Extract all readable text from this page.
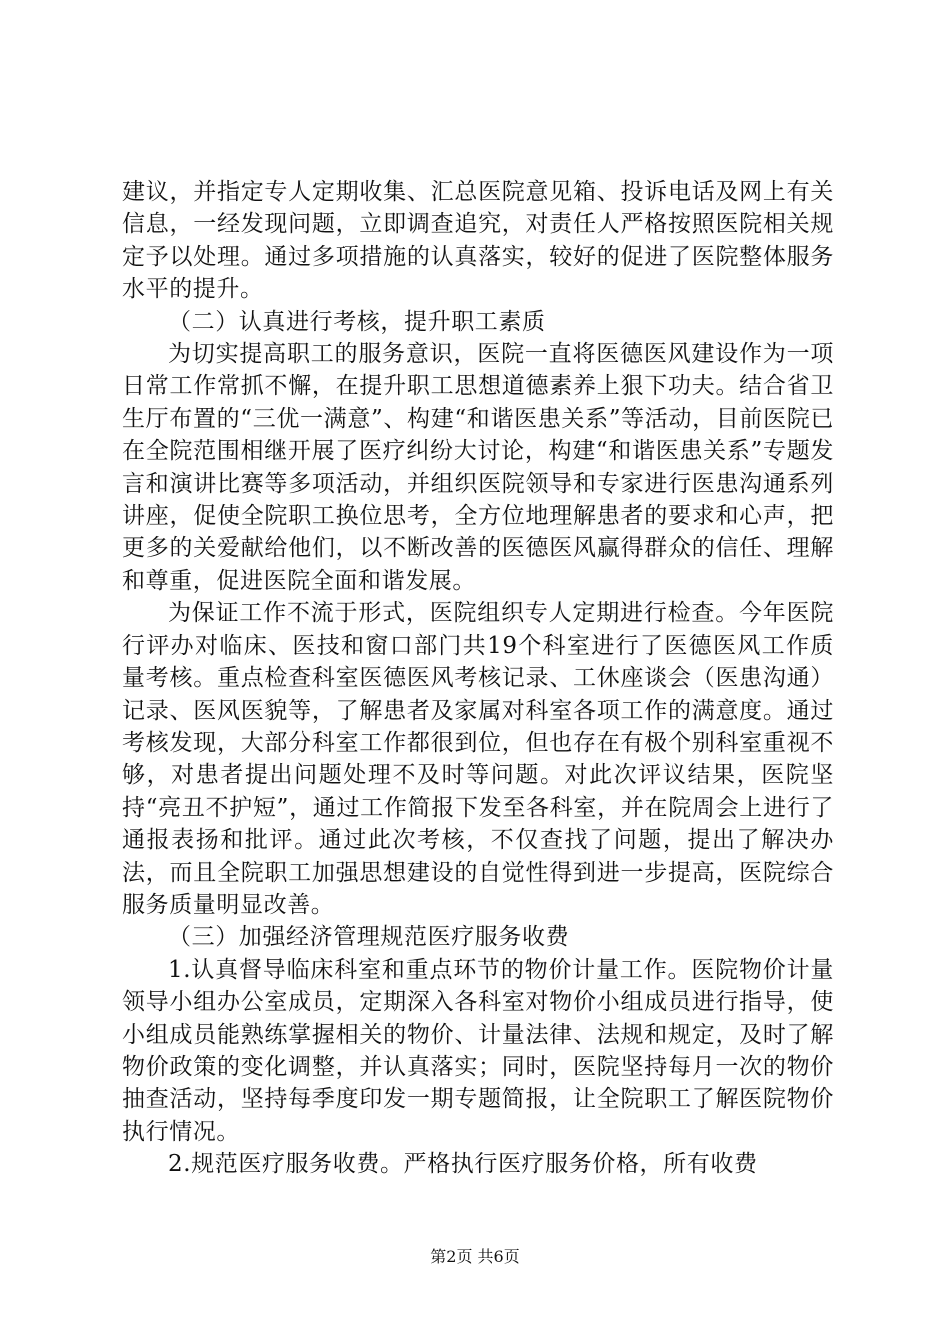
建议，并指定专人定期收集、汇总医院意见箱、投诉电话及网上有关信息，一经发现问题，立即调查追究，对责任人严格按照医院相关规定予以处理。通过多项措施的认真落实，较好的促进了医院整体服务水平的提升。

（二）认真进行考核，提升职工素质

为切实提高职工的服务意识，医院一直将医德医风建设作为一项日常工作常抓不懈，在提升职工思想道德素养上狠下功夫。结合省卫生厅布置的“三优一满意”、构建“和谐医患关系”等活动，目前医院已在全院范围相继开展了医疗纠纷大讨论，构建“和谐医患关系”专题发言和演讲比赛等多项活动，并组织医院领导和专家进行医患沟通系列讲座，促使全院职工换位思考，全方位地理解患者的要求和心声，把更多的关爱献给他们，以不断改善的医德医风赢得群众的信任、理解和尊重，促进医院全面和谐发展。

为保证工作不流于形式，医院组织专人定期进行检查。今年医院行评办对临床、医技和窗口部门共19个科室进行了医德医风工作质量考核。重点检查科室医德医风考核记录、工休座谈会（医患沟通）记录、医风医貌等，了解患者及家属对科室各项工作的满意度。通过考核发现，大部分科室工作都很到位，但也存在有极个别科室重视不够，对患者提出问题处理不及时等问题。对此次评议结果，医院坚持“亮丑不护短”，通过工作简报下发至各科室，并在院周会上进行了通报表扬和批评。通过此次考核，不仅查找了问题，提出了解决办法，而且全院职工加强思想建设的自觉性得到进一步提高，医院综合服务质量明显改善。

（三）加强经济管理规范医疗服务收费

1.认真督导临床科室和重点环节的物价计量工作。医院物价计量领导小组办公室成员，定期深入各科室对物价小组成员进行指导，使小组成员能熟练掌握相关的物价、计量法律、法规和规定，及时了解物价政策的变化调整，并认真落实；同时，医院坚持每月一次的物价抽查活动，坚持每季度印发一期专题简报，让全院职工了解医院物价执行情况。

2.规范医疗服务收费。严格执行医疗服务价格，所有收费

第2页 共6页
